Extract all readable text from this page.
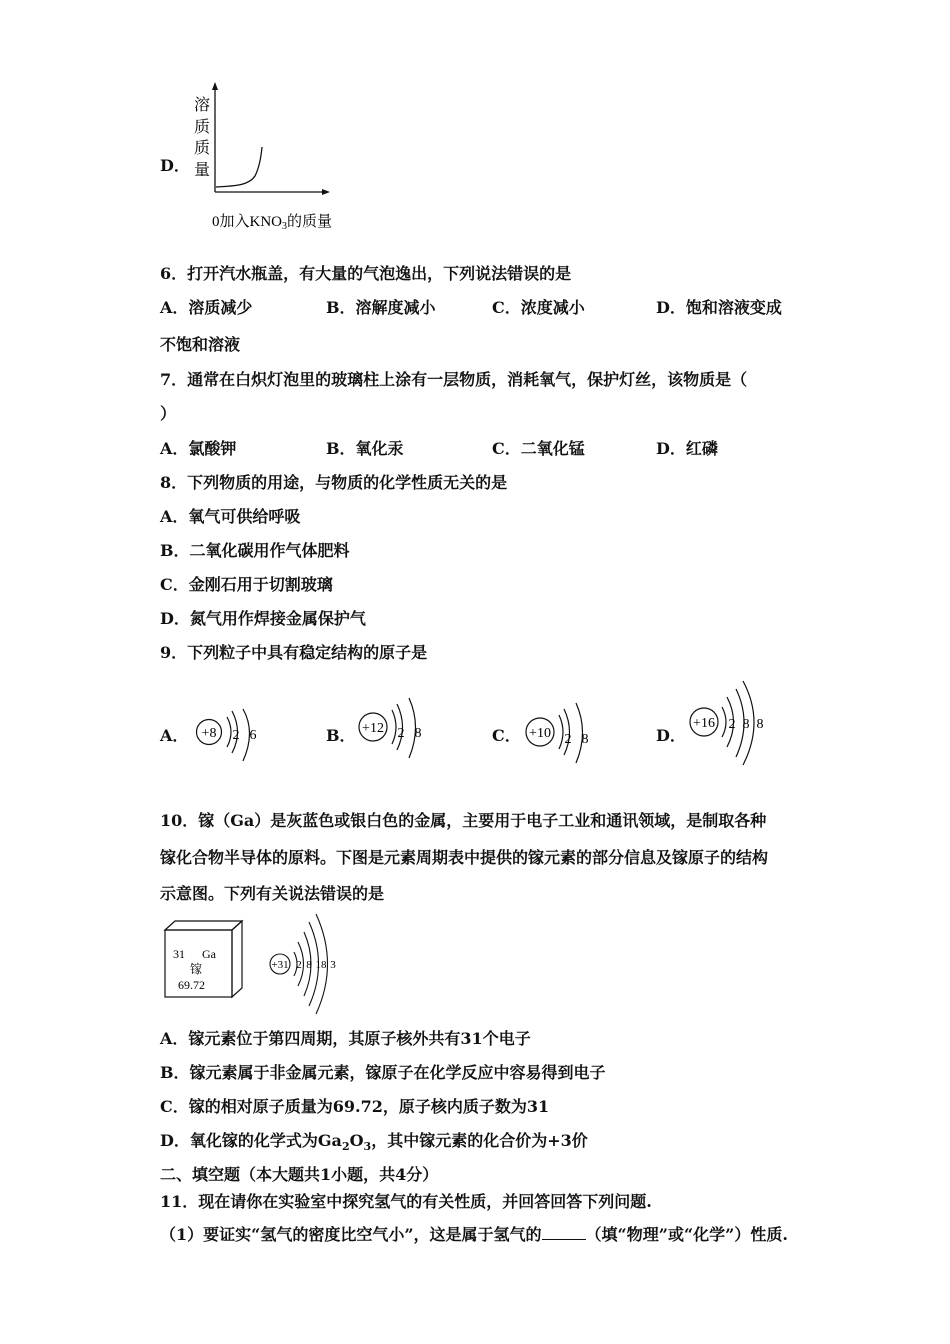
D．
溶
质
质
量
0加入$KNO_3$的质量
6．打开汽水瓶盖，有大量的气泡逸出，下列说法错误的是
A．溶质减少	B．溶解度减小	C．浓度减小	D．饱和溶液变成
不饱和溶液
7．通常在白炽灯泡里的玻璃柱上涂有一层物质，消耗氧气，保护灯丝，该物质是（
）
A．氯酸钾	B．氧化汞	C．二氧化锰	D．红磷
8．下列物质的用途，与物质的化学性质无关的是
A．氧气可供给呼吸
B．二氧化碳用作气体肥料
C．金刚石用于切割玻璃
D．氮气用作焊接金属保护气
9．下列粒子中具有稳定结构的原子是
A． +8 2 6	B． +12 2 8	C． +10 2 8	D．
+16 2 8 8
10．镓（Ga）是灰蓝色或银白色的金属，主要用于电子工业和通讯领域，是制取各种
镓化合物半导体的原料。下图是元素周期表中提供的镓元素的部分信息及镓原子的结构
示意图。下列有关说法错误的是
31 Ga
镓
69.72
+31 2 8 18 3
A．镓元素位于第四周期，其原子核外共有31个电子
B．镓元素属于非金属元素，镓原子在化学反应中容易得到电子
C．镓的相对原子质量为69.72，原子核内质子数为31
D．氧化镓的化学式为$Ga_2O_3$，其中镓元素的化合价为+3价
二、填空题（本大题共1小题，共4分）
11．现在请你在实验室中探究氢气的有关性质，并回答回答下列问题.
（1）要证实“氢气的密度比空气小”，这是属于氢气的	（填“物理”或“化学”）性质.
